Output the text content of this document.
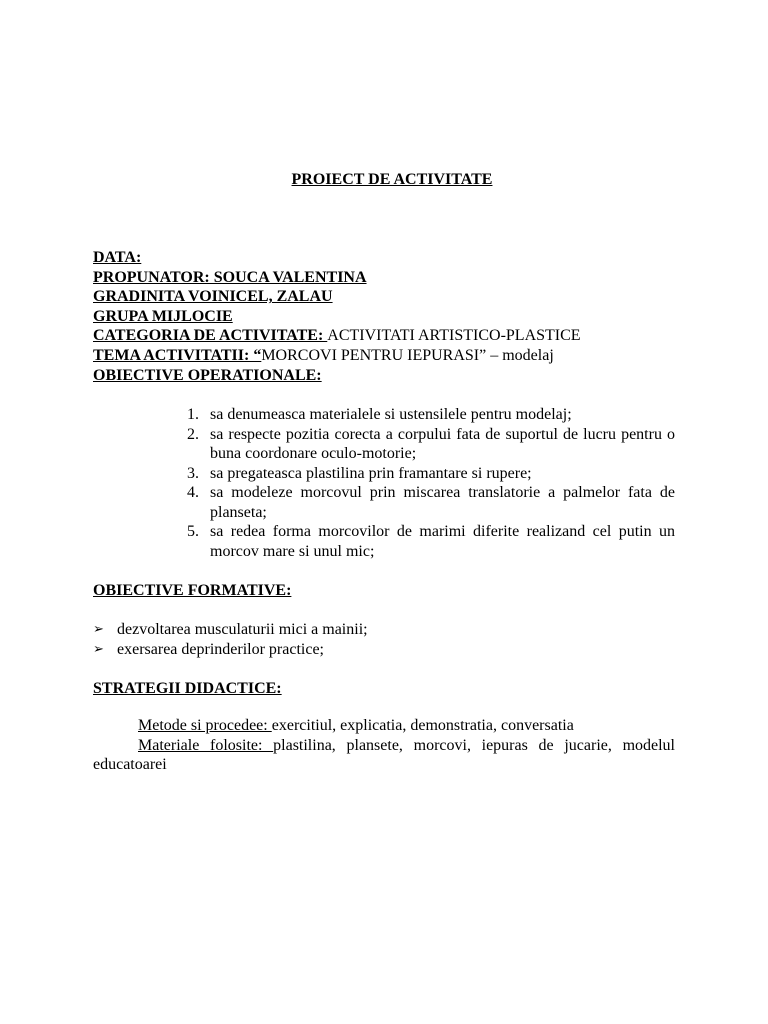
PROIECT DE ACTIVITATE
DATA:
PROPUNATOR: SOUCA VALENTINA
GRADINITA VOINICEL, ZALAU
GRUPA MIJLOCIE
CATEGORIA DE ACTIVITATE: ACTIVITATI ARTISTICO-PLASTICE
TEMA ACTIVITATII: “MORCOVI PENTRU IEPURASI” – modelaj
OBIECTIVE OPERATIONALE:
1. sa denumeasca materialele si ustensilele pentru modelaj;
2. sa respecte pozitia corecta a corpului fata de suportul de lucru pentru o buna coordonare oculo-motorie;
3. sa pregateasca plastilina prin framantare si rupere;
4. sa modeleze morcovul prin miscarea translatorie a palmelor fata de planseta;
5. sa redea forma morcovilor de marimi diferite realizand cel putin un morcov mare si unul mic;
OBIECTIVE FORMATIVE:
➢ dezvoltarea musculaturii mici a mainii;
➢ exersarea deprinderilor practice;
STRATEGII DIDACTICE:
Metode si procedee: exercitiul, explicatia, demonstratia, conversatia
Materiale folosite: plastilina, plansete, morcovi, iepuras de jucarie, modelul educatoarei
